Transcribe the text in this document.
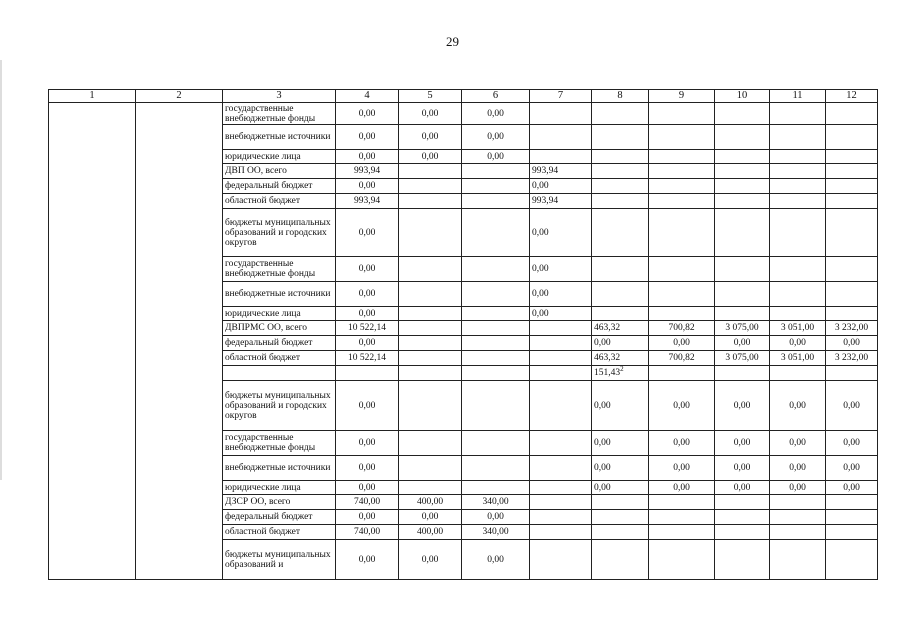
29
1	2	3	4	5	6	7	8	9	10	11	12
		государственные внебюджетные фонды	0,00	0,00	0,00						
		внебюджетные источники	0,00	0,00	0,00						
		юридические лица	0,00	0,00	0,00						
		ДВП ОО, всего	993,94			993,94					
		федеральный бюджет	0,00			0,00					
		областной бюджет	993,94			993,94					
		бюджеты муниципальных образований и городских округов	0,00			0,00					
		государственные внебюджетные фонды	0,00			0,00					
		внебюджетные источники	0,00			0,00					
		юридические лица	0,00			0,00					
		ДВПРМС ОО, всего	10 522,14				463,32	700,82	3 075,00	3 051,00	3 232,00
		федеральный бюджет	0,00				0,00	0,00	0,00	0,00	0,00
		областной бюджет	10 522,14				463,32	700,82	3 075,00	3 051,00	3 232,00
							151,43$^2$				
		бюджеты муниципальных образований и городских округов	0,00				0,00	0,00	0,00	0,00	0,00
		государственные внебюджетные фонды	0,00				0,00	0,00	0,00	0,00	0,00
		внебюджетные источники	0,00				0,00	0,00	0,00	0,00	0,00
		юридические лица	0,00				0,00	0,00	0,00	0,00	0,00
		ДЗСР ОО, всего	740,00	400,00	340,00						
		федеральный бюджет	0,00	0,00	0,00						
		областной бюджет	740,00	400,00	340,00						
		бюджеты муниципальных образований и	0,00	0,00	0,00						
